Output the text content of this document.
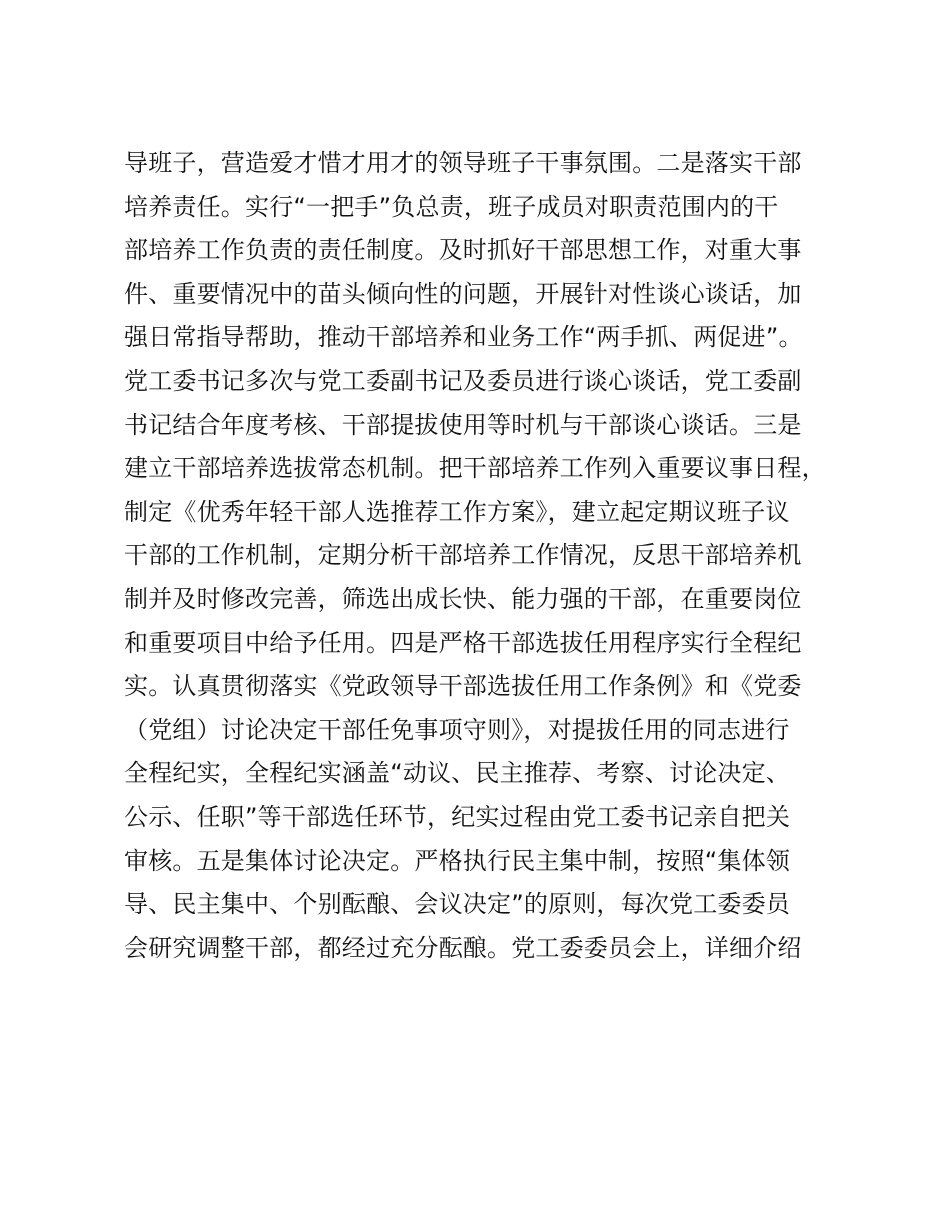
导班子，营造爱才惜才用才的领导班子干事氛围。二是落实干部
培养责任。实行“一把手”负总责，班子成员对职责范围内的干
部培养工作负责的责任制度。及时抓好干部思想工作，对重大事
件、重要情况中的苗头倾向性的问题，开展针对性谈心谈话，加
强日常指导帮助，推动干部培养和业务工作“两手抓、两促进”。
党工委书记多次与党工委副书记及委员进行谈心谈话，党工委副
书记结合年度考核、干部提拔使用等时机与干部谈心谈话。三是
建立干部培养选拔常态机制。把干部培养工作列入重要议事日程，
制定《优秀年轻干部人选推荐工作方案》，建立起定期议班子议
干部的工作机制，定期分析干部培养工作情况，反思干部培养机
制并及时修改完善，筛选出成长快、能力强的干部，在重要岗位
和重要项目中给予任用。四是严格干部选拔任用程序实行全程纪
实。认真贯彻落实《党政领导干部选拔任用工作条例》和《党委
（党组）讨论决定干部任免事项守则》，对提拔任用的同志进行
全程纪实，全程纪实涵盖“动议、民主推荐、考察、讨论决定、
公示、任职”等干部选任环节，纪实过程由党工委书记亲自把关
审核。五是集体讨论决定。严格执行民主集中制，按照“集体领
导、民主集中、个别酝酿、会议决定”的原则，每次党工委委员
会研究调整干部，都经过充分酝酿。党工委委员会上，详细介绍
